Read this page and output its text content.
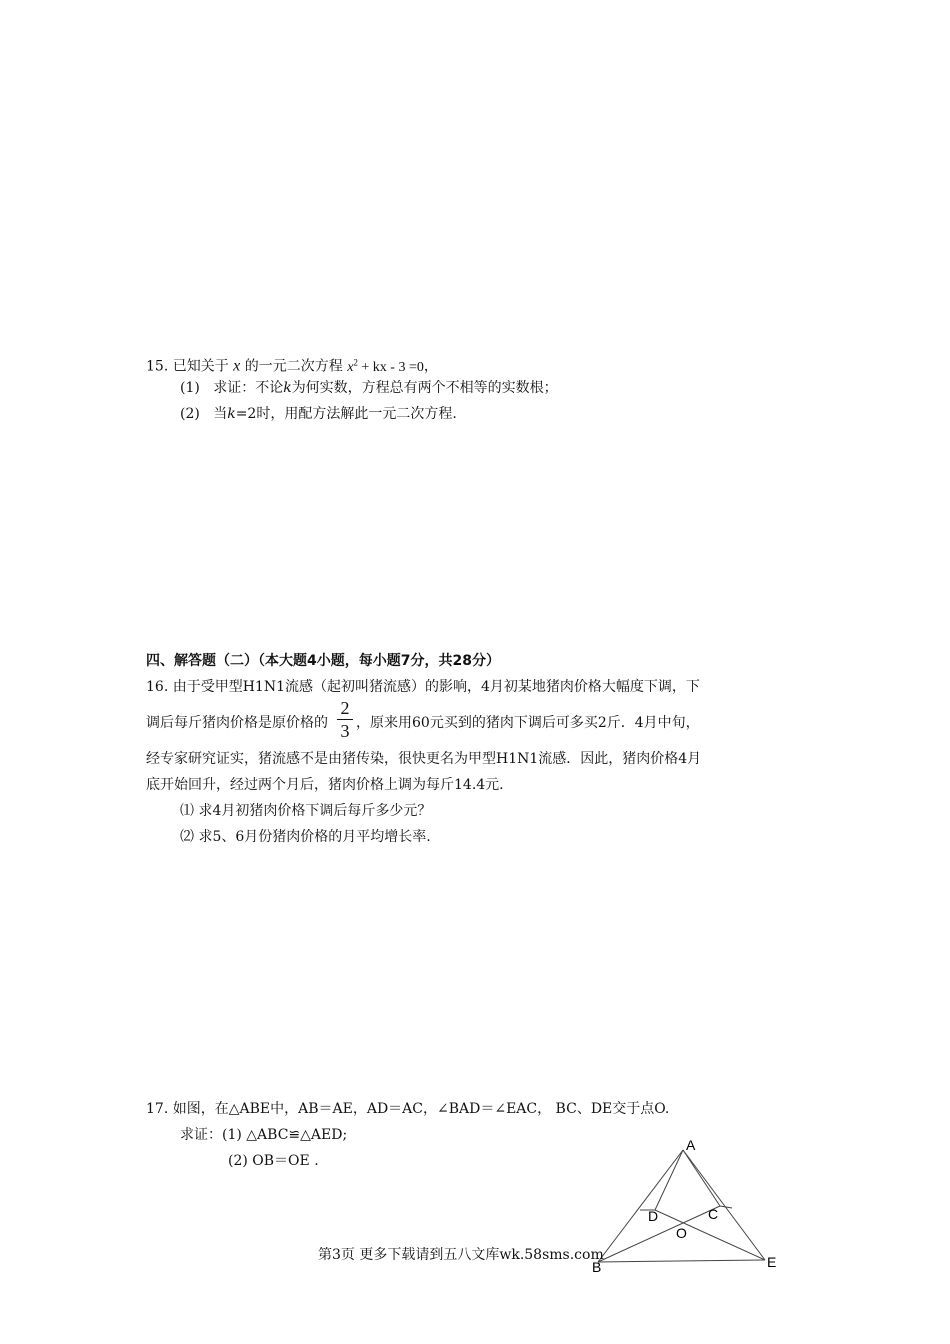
15. 已知关于 x 的一元二次方程 $x^2$ + kx - 3 =0，
(1) 求证：不论k为何实数，方程总有两个不相等的实数根；
(2) 当k=2时，用配方法解此一元二次方程.
四、解答题（二）（本大题4小题，每小题7分，共28分）
16. 由于受甲型H1N1流感（起初叫猪流感）的影响，4月初某地猪肉价格大幅度下调，下
调后每斤猪肉价格是原价格的
2
3 ，原来用60元买到的猪肉下调后可多买2斤．4月中旬，
经专家研究证实，猪流感不是由猪传染，很快更名为甲型H1N1流感．因此，猪肉价格4月
底开始回升，经过两个月后，猪肉价格上调为每斤14.4元.
⑴ 求4月初猪肉价格下调后每斤多少元？
⑵ 求5、6月份猪肉价格的月平均增长率.
17. 如图，在△ABE中，AB＝AE，AD＝AC，∠BAD＝∠EAC， BC、DE交于点O.
求证：(1) △ABC≌△AED;
(2) OB＝OE .
A
D	C
O
B	E
第3页 更多下载请到五八文库wk.58sms.com
